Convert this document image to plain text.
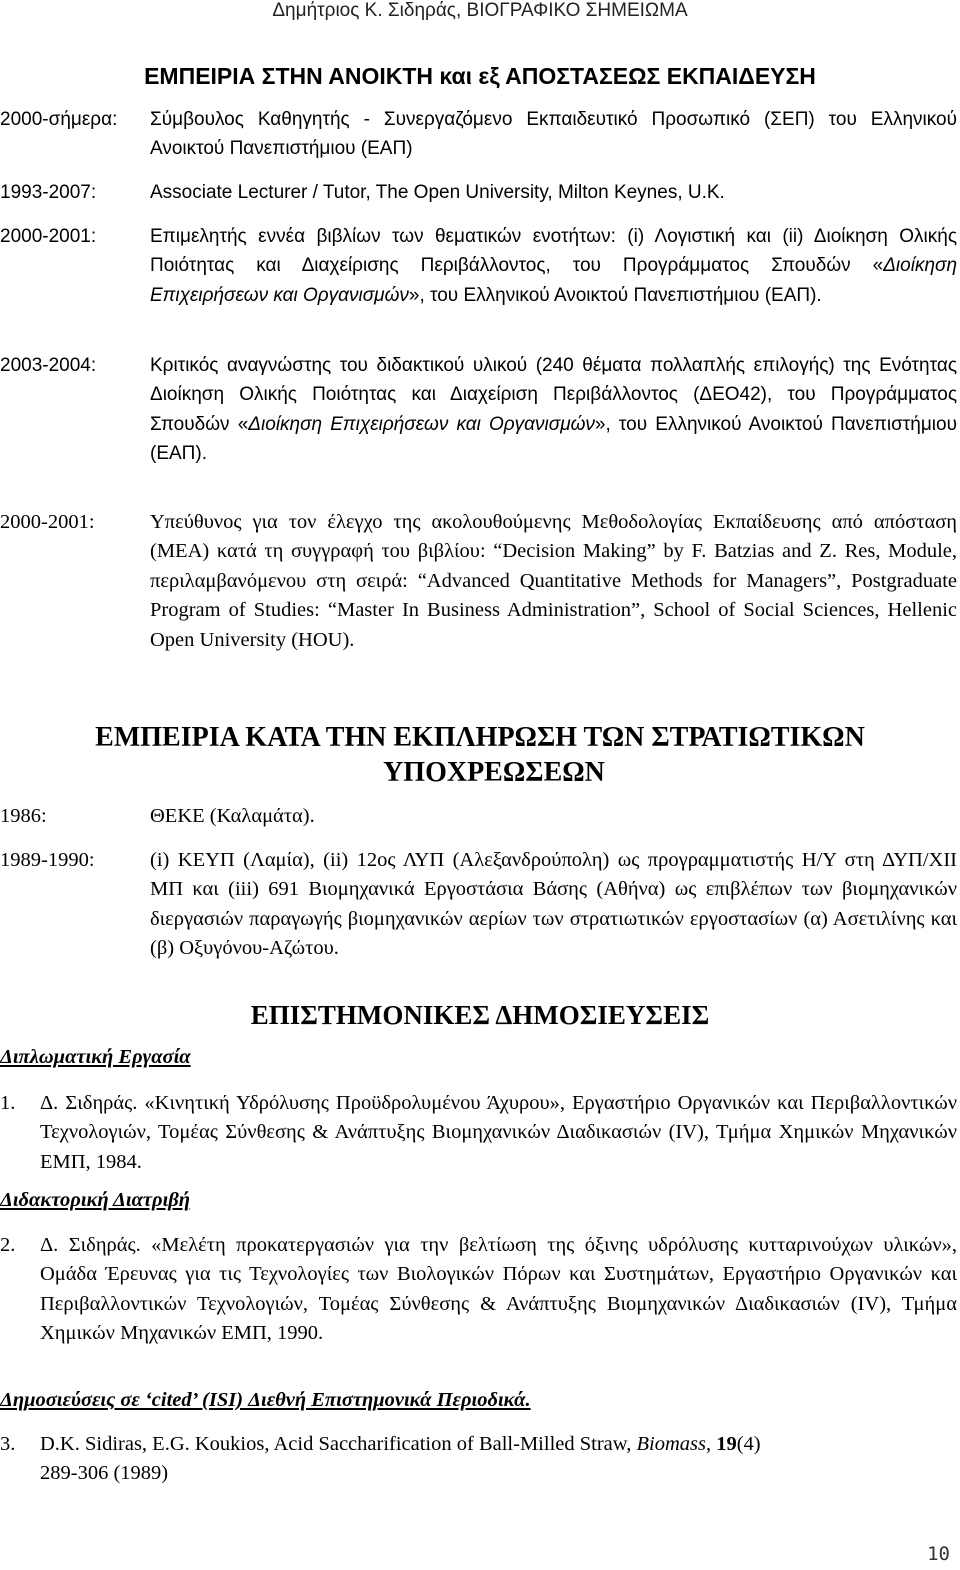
Δημήτριος Κ. Σιδηράς, ΒΙΟΓΡΑΦΙΚΟ ΣΗΜΕΙΩΜΑ
ΕΜΠΕΙΡΙΑ ΣΤΗΝ ΑΝΟΙΚΤΗ και εξ ΑΠΟΣΤΑΣΕΩΣ ΕΚΠΑΙΔΕΥΣΗ
2000-σήμερα: Σύμβουλος Καθηγητής - Συνεργαζόμενο Εκπαιδευτικό Προσωπικό (ΣΕΠ) του Ελληνικού Ανοικτού Πανεπιστήμιου (ΕΑΠ)
1993-2007:	Associate Lecturer / Tutor, The Open University, Milton Keynes, U.K.
2000-2001:	Επιμελητής εννέα βιβλίων των θεματικών ενοτήτων: (i) Λογιστική και (ii) Διοίκηση Ολικής Ποιότητας και Διαχείρισης Περιβάλλοντος, του Προγράμματος Σπουδών «Διοίκηση Επιχειρήσεων και Οργανισμών», του Ελληνικού Ανοικτού Πανεπιστήμιου (ΕΑΠ).
2003-2004:	Κριτικός αναγνώστης του διδακτικού υλικού (240 θέματα πολλαπλής επιλογής) της Ενότητας Διοίκηση Ολικής Ποιότητας και Διαχείριση Περιβάλλοντος (ΔΕΟ42), του Προγράμματος Σπουδών «Διοίκηση Επιχειρήσεων και Οργανισμών», του Ελληνικού Ανοικτού Πανεπιστήμιου (ΕΑΠ).
2000-2001:	Υπεύθυνος για τον έλεγχο της ακολουθούμενης Μεθοδολογίας Εκπαίδευσης από απόσταση (ΜΕΑ) κατά τη συγγραφή του βιβλίου: “Decision Making” by F. Batzias and Z. Res, Module, περιλαμβανόμενου στη σειρά: “Advanced Quantitative Methods for Managers”, Postgraduate Program of Studies: “Master In Business Administration”, School of Social Sciences, Hellenic Open University (HOU).
ΕΜΠΕΙΡΙΑ ΚΑΤΑ ΤΗΝ ΕΚΠΛΗΡΩΣΗ ΤΩΝ ΣΤΡΑΤΙΩΤΙΚΩΝ
ΥΠΟΧΡΕΩΣΕΩΝ
1986:	ΘΕΚΕ (Καλαμάτα).
1989-1990:	(i) ΚΕΥΠ (Λαμία), (ii) 12ος ΛΥΠ (Αλεξανδρούπολη) ως προγραμματιστής Η/Υ στη ΔΥΠ/ΧΙΙ ΜΠ και (iii) 691 Βιομηχανικά Εργοστάσια Βάσης (Αθήνα) ως επιβλέπων των βιομηχανικών διεργασιών παραγωγής βιομηχανικών αερίων των στρατιωτικών εργοστασίων (α) Ασετιλίνης και (β) Οξυγόνου-Αζώτου.
ΕΠΙΣΤΗΜΟΝΙΚΕΣ ΔΗΜΟΣΙΕΥΣΕΙΣ
Διπλωματική Εργασία
1. Δ. Σιδηράς. «Κινητική Υδρόλυσης Προϋδρολυμένου Άχυρου», Εργαστήριο Οργανικών και Περιβαλλοντικών Τεχνολογιών, Τομέας Σύνθεσης & Ανάπτυξης Βιομηχανικών Διαδικασιών (IV), Τμήμα Χημικών Μηχανικών ΕΜΠ, 1984.
Διδακτορική Διατριβή
2. Δ. Σιδηράς. «Μελέτη προκατεργασιών για την βελτίωση της όξινης υδρόλυσης κυτταρινούχων υλικών», Ομάδα Έρευνας για τις Τεχνολογίες των Βιολογικών Πόρων και Συστημάτων, Εργαστήριο Οργανικών και Περιβαλλοντικών Τεχνολογιών, Τομέας Σύνθεσης & Ανάπτυξης Βιομηχανικών Διαδικασιών (IV), Τμήμα Χημικών Μηχανικών ΕΜΠ, 1990.
Δημοσιεύσεις σε ‘cited’ (ISI) Διεθνή Επιστημονικά Περιοδικά.
3. D.K. Sidiras, E.G. Koukios, Acid Saccharification of Ball-Milled Straw, Biomass, 19(4)
289-306 (1989)
10
